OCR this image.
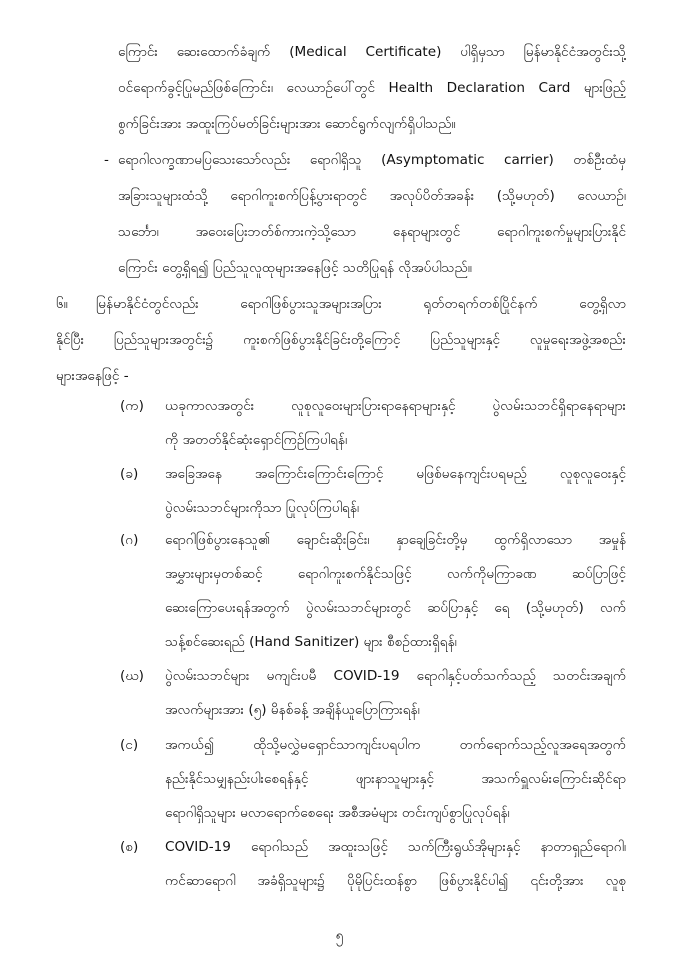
ကြောင်း ဆေးထောက်ခံချက် (Medical Certificate) ပါရှိမှသာ မြန်မာနိုင်ငံအတွင်းသို့
ဝင်ရောက်ခွင့်ပြုမည်ဖြစ်ကြောင်း၊ လေယာဉ်ပေါ်တွင် Health Declaration Card များဖြည့်
စွက်ခြင်းအား အထူးကြပ်မတ်ခြင်းများအား ဆောင်ရွက်လျက်ရှိပါသည်။
- ရောဂါလက္ခဏာမပြသေးသော်လည်း ရောဂါရှိသူ (Asymptomatic carrier) တစ်ဦးထံမှ
အခြားသူများထံသို့ ရောဂါကူးစက်ပြန့်ပွားရာတွင် အလုပ်ပိတ်အခန်း (သို့မဟုတ်) လေယာဉ်၊
သင်္ဘော၊ အဝေးပြေးဘတ်စ်ကားကဲ့သို့သော နေရာများတွင် ရောဂါကူးစက်မှုများပြားနိုင်
ကြောင်း တွေ့ရှိရ၍ ပြည်သူလူထုများအနေဖြင့် သတိပြုရန် လိုအပ်ပါသည်။
၆။ မြန်မာနိုင်ငံတွင်လည်း ရောဂါဖြစ်ပွားသူအများအပြား ရုတ်တရက်တစ်ပြိုင်နက် တွေ့ရှိလာ
နိုင်ပြီး ပြည်သူများအတွင်း၌ ကူးစက်ဖြစ်ပွားနိုင်ခြင်းတို့ကြောင့် ပြည်သူများနှင့် လူမှုရေးအဖွဲ့အစည်း
များအနေဖြင့် -
(က) ယခုကာလအတွင်း လူစုလူဝေးများပြားရာနေရာများနှင့် ပွဲလမ်းသဘင်ရှိရာနေရာများ
ကို အတတ်နိုင်ဆုံးရှောင်ကြဉ်ကြပါရန်၊
(ခ) အခြေအနေ အကြောင်းကြောင်းကြောင့် မဖြစ်မနေကျင်းပရမည့် လူစုလူဝေးနှင့်
ပွဲလမ်းသဘင်များကိုသာ ပြုလုပ်ကြပါရန်၊
(ဂ) ရောဂါဖြစ်ပွားနေသူ၏ ချောင်းဆိုးခြင်း၊ နှာချေခြင်းတို့မှ ထွက်ရှိလာသော အမှုန်
အမွှားများမှတစ်ဆင့် ရောဂါကူးစက်နိုင်သဖြင့် လက်ကိုမကြာခဏ ဆပ်ပြာဖြင့်
ဆေးကြောပေးရန်အတွက် ပွဲလမ်းသဘင်များတွင် ဆပ်ပြာနှင့် ရေ (သို့မဟုတ်) လက်
သန့်စင်ဆေးရည် (Hand Sanitizer) များ စီစဉ်ထားရှိရန်၊
(ဃ) ပွဲလမ်းသဘင်များ မကျင်းပမီ COVID-19 ရောဂါနှင့်ပတ်သက်သည့် သတင်းအချက်
အလက်များအား (၅) မိနစ်ခန့် အချိန်ယူပြောကြားရန်၊
(င) အကယ်၍ ထိုသို့မလွှဲမရှောင်သာကျင်းပရပါက တက်ရောက်သည့်လူအရေအတွက်
နည်းနိုင်သမျှနည်းပါးစေရန်နှင့် ဖျားနာသူများနှင့် အသက်ရှူလမ်းကြောင်းဆိုင်ရာ
ရောဂါရှိသူများ မလာရောက်စေရေး အစီအမံများ တင်းကျပ်စွာပြုလုပ်ရန်၊
(စ) COVID-19 ရောဂါသည် အထူးသဖြင့် သက်ကြီးရွယ်အိုများနှင့် နာတာရှည်ရောဂါ၊
ကင်ဆာရောဂါ အခံရှိသူများ၌ ပိုမိုပြင်းထန်စွာ ဖြစ်ပွားနိုင်ပါ၍ ၎င်းတို့အား လူစု
၅
